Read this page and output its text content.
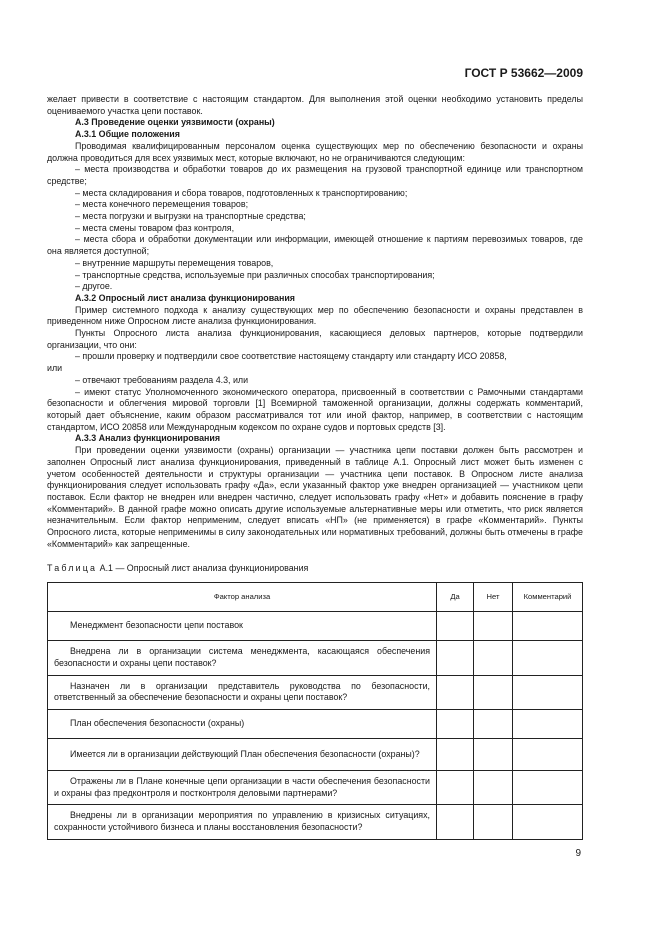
ГОСТ Р 53662—2009

желает привести в соответствие с настоящим стандартом. Для выполнения этой оценки необходимо установить пределы оцениваемого участка цепи поставок.

А.3 Проведение оценки уязвимости (охраны)

А.3.1 Общие положения

Проводимая квалифицированным персоналом оценка существующих мер по обеспечению безопасности и охраны должна проводиться для всех уязвимых мест, которые включают, но не ограничиваются следующим:

– места производства и обработки товаров до их размещения на грузовой транспортной единице или транспортном средстве;

– места складирования и сбора товаров, подготовленных к транспортированию;

– места конечного перемещения товаров;

– места погрузки и выгрузки на транспортные средства;

– места смены товаром фаз контроля,

– места сбора и обработки документации или информации, имеющей отношение к партиям перевозимых товаров, где она является доступной;

– внутренние маршруты перемещения товаров,

– транспортные средства, используемые при различных способах транспортирования;

– другое.

А.3.2 Опросный лист анализа функционирования

Пример системного подхода к анализу существующих мер по обеспечению безопасности и охраны представлен в приведенном ниже Опросном листе анализа функционирования.

Пункты Опросного листа анализа функционирования, касающиеся деловых партнеров, которые подтвердили организации, что они:

– прошли проверку и подтвердили свое соответствие настоящему стандарту или стандарту ИСО 20858,

или

– отвечают требованиям раздела 4.3, или

– имеют статус Уполномоченного экономического оператора, присвоенный в соответствии с Рамочными стандартами безопасности и облегчения мировой торговли [1] Всемирной таможенной организации, должны содержать комментарий, который дает объяснение, каким образом рассматривался тот или иной фактор, например, в соответствии с настоящим стандартом, ИСО 20858 или Международным кодексом по охране судов и портовых средств [3].

А.3.3 Анализ функционирования

При проведении оценки уязвимости (охраны) организации — участника цепи поставки должен быть рассмотрен и заполнен Опросный лист анализа функционирования, приведенный в таблице А.1. Опросный лист может быть изменен с учетом особенностей деятельности и структуры организации — участника цепи поставок. В Опросном листе анализа функционирования следует использовать графу «Да», если указанный фактор уже внедрен организацией — участником цепи поставок. Если фактор не внедрен или внедрен частично, следует использовать графу «Нет» и добавить пояснение в графу «Комментарий». В данной графе можно описать другие используемые альтернативные меры или отметить, что риск является незначительным. Если фактор неприменим, следует вписать «НП» (не применяется) в графе «Комментарий». Пункты Опросного листа, которые неприменимы в силу законодательных или нормативных требований, должны быть отмечены в графе «Комментарий» как запрещенные.

Таблица А.1 — Опросный лист анализа функционирования

Фактор анализа	Да	Нет	Комментарий

Менеджмент безопасности цепи поставок			

Внедрена ли в организации система менеджмента, касающаяся обеспечения безопасности и охраны цепи поставок?			

Назначен ли в организации представитель руководства по безопасности, ответственный за обеспечение безопасности и охраны цепи поставок?			

План обеспечения безопасности (охраны)			

Имеется ли в организации действующий План обеспечения безопасности (охраны)?			

Отражены ли в Плане конечные цепи организации в части обеспечения безопасности и охраны фаз предконтроля и постконтроля деловыми партнерами?			

Внедрены ли в организации мероприятия по управлению в кризисных ситуациях, сохранности устойчивого бизнеса и планы восстановления безопасности?			

9
